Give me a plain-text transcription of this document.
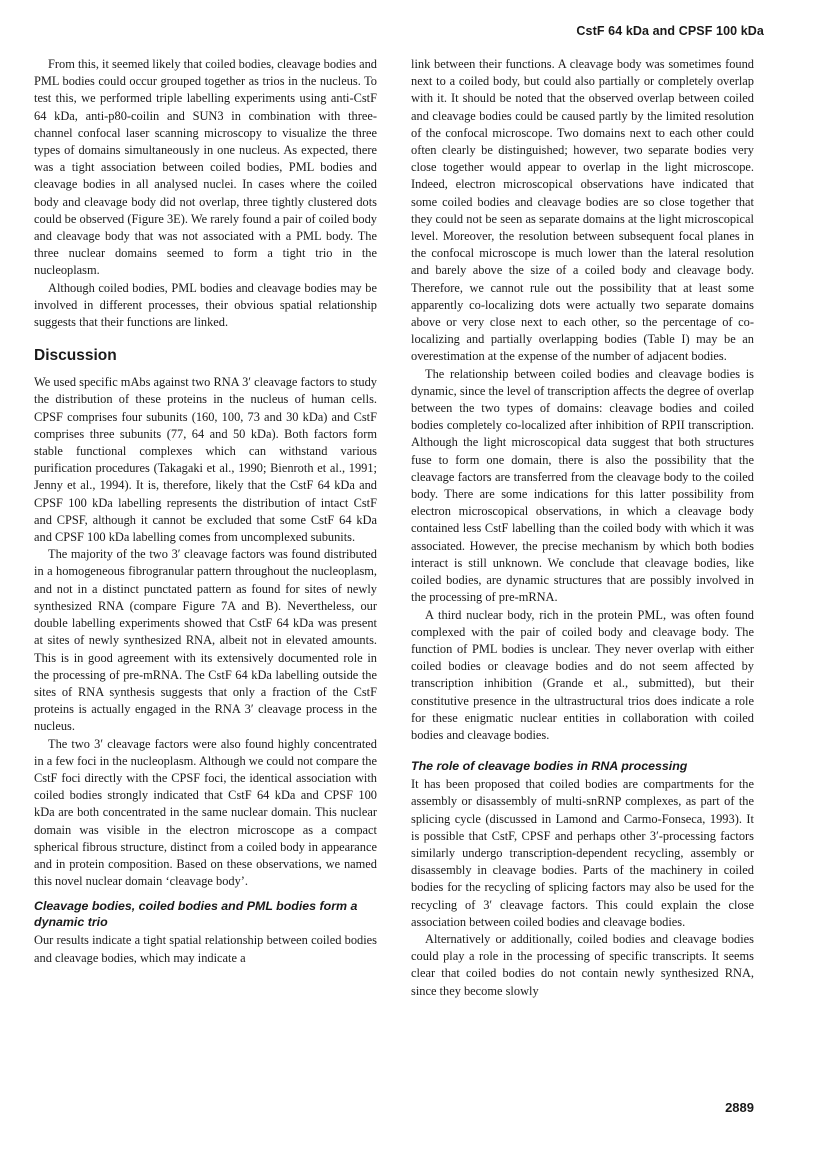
CstF 64 kDa and CPSF 100 kDa

From this, it seemed likely that coiled bodies, cleavage bodies and PML bodies could occur grouped together as trios in the nucleus. To test this, we performed triple labelling experiments using anti-CstF 64 kDa, anti-p80-coilin and SUN3 in combination with three-channel confocal laser scanning microscopy to visualize the three types of domains simultaneously in one nucleus. As expected, there was a tight association between coiled bodies, PML bodies and cleavage bodies in all analysed nuclei. In cases where the coiled body and cleavage body did not overlap, three tightly clustered dots could be observed (Figure 3E). We rarely found a pair of coiled body and cleavage body that was not associated with a PML body. The three nuclear domains seemed to form a tight trio in the nucleoplasm.

Although coiled bodies, PML bodies and cleavage bodies may be involved in different processes, their obvious spatial relationship suggests that their functions are linked.

Discussion

We used specific mAbs against two RNA 3′ cleavage factors to study the distribution of these proteins in the nucleus of human cells. CPSF comprises four subunits (160, 100, 73 and 30 kDa) and CstF comprises three subunits (77, 64 and 50 kDa). Both factors form stable functional complexes which can withstand various purification procedures (Takagaki et al., 1990; Bienroth et al., 1991; Jenny et al., 1994). It is, therefore, likely that the CstF 64 kDa and CPSF 100 kDa labelling represents the distribution of intact CstF and CPSF, although it cannot be excluded that some CstF 64 kDa and CPSF 100 kDa labelling comes from uncomplexed subunits.

The majority of the two 3′ cleavage factors was found distributed in a homogeneous fibrogranular pattern throughout the nucleoplasm, and not in a distinct punctated pattern as found for sites of newly synthesized RNA (compare Figure 7A and B). Nevertheless, our double labelling experiments showed that CstF 64 kDa was present at sites of newly synthesized RNA, albeit not in elevated amounts. This is in good agreement with its extensively documented role in the processing of pre-mRNA. The CstF 64 kDa labelling outside the sites of RNA synthesis suggests that only a fraction of the CstF proteins is actually engaged in the RNA 3′ cleavage process in the nucleus.

The two 3′ cleavage factors were also found highly concentrated in a few foci in the nucleoplasm. Although we could not compare the CstF foci directly with the CPSF foci, the identical association with coiled bodies strongly indicated that CstF 64 kDa and CPSF 100 kDa are both concentrated in the same nuclear domain. This nuclear domain was visible in the electron microscope as a compact spherical fibrous structure, distinct from a coiled body in appearance and in protein composition. Based on these observations, we named this novel nuclear domain ‘cleavage body’.

Cleavage bodies, coiled bodies and PML bodies form a dynamic trio

Our results indicate a tight spatial relationship between coiled bodies and cleavage bodies, which may indicate a

link between their functions. A cleavage body was sometimes found next to a coiled body, but could also partially or completely overlap with it. It should be noted that the observed overlap between coiled and cleavage bodies could be caused partly by the limited resolution of the confocal microscope. Two domains next to each other could often clearly be distinguished; however, two separate bodies very close together would appear to overlap in the light microscope. Indeed, electron microscopical observations have indicated that some coiled bodies and cleavage bodies are so close together that they could not be seen as separate domains at the light microscopical level. Moreover, the resolution between subsequent focal planes in the confocal microscope is much lower than the lateral resolution and barely above the size of a coiled body and cleavage body. Therefore, we cannot rule out the possibility that at least some apparently co-localizing dots were actually two separate domains above or very close next to each other, so the percentage of co-localizing and partially overlapping bodies (Table I) may be an overestimation at the expense of the number of adjacent bodies.

The relationship between coiled bodies and cleavage bodies is dynamic, since the level of transcription affects the degree of overlap between the two types of domains: cleavage bodies and coiled bodies completely co-localized after inhibition of RPII transcription. Although the light microscopical data suggest that both structures fuse to form one domain, there is also the possibility that the cleavage factors are transferred from the cleavage body to the coiled body. There are some indications for this latter possibility from electron microscopical observations, in which a cleavage body contained less CstF labelling than the coiled body with which it was associated. However, the precise mechanism by which both bodies interact is still unknown. We conclude that cleavage bodies, like coiled bodies, are dynamic structures that are possibly involved in the processing of pre-mRNA.

A third nuclear body, rich in the protein PML, was often found complexed with the pair of coiled body and cleavage body. The function of PML bodies is unclear. They never overlap with either coiled bodies or cleavage bodies and do not seem affected by transcription inhibition (Grande et al., submitted), but their constitutive presence in the ultrastructural trios does indicate a role for these enigmatic nuclear entities in collaboration with coiled bodies and cleavage bodies.

The role of cleavage bodies in RNA processing

It has been proposed that coiled bodies are compartments for the assembly or disassembly of multi-snRNP complexes, as part of the splicing cycle (discussed in Lamond and Carmo-Fonseca, 1993). It is possible that CstF, CPSF and perhaps other 3′-processing factors similarly undergo transcription-dependent recycling, assembly or disassembly in cleavage bodies. Parts of the machinery in coiled bodies for the recycling of splicing factors may also be used for the recycling of 3′ cleavage factors. This could explain the close association between coiled bodies and cleavage bodies.

Alternatively or additionally, coiled bodies and cleavage bodies could play a role in the processing of specific transcripts. It seems clear that coiled bodies do not contain newly synthesized RNA, since they become slowly

2889
